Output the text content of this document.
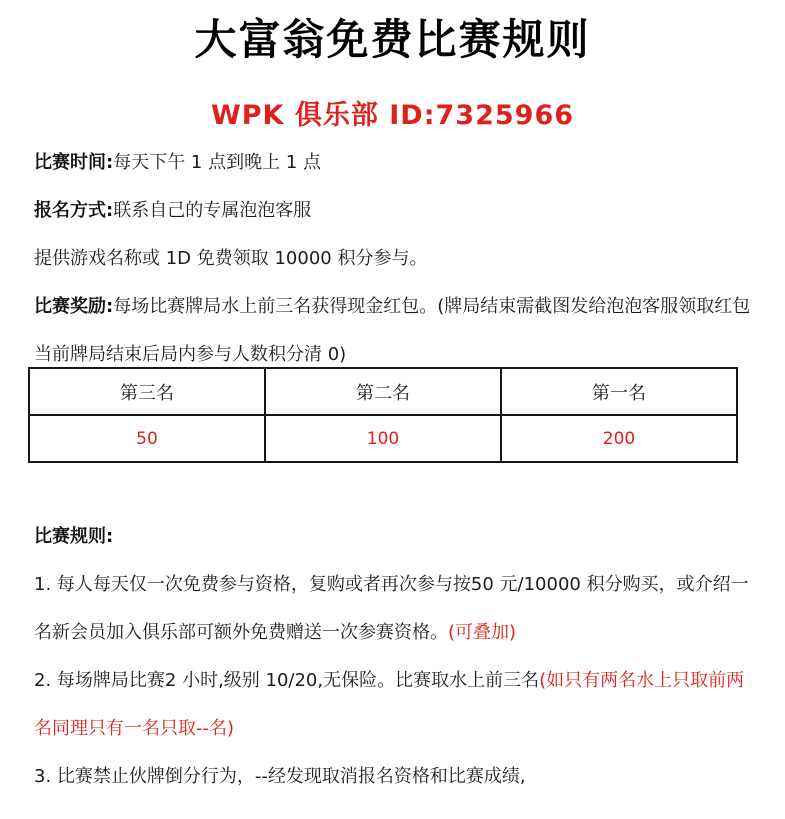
大富翁免费比赛规则
WPK 俱乐部 ID:7325966

比赛时间:每天下午 1 点到晚上 1 点

报名方式:联系自己的专属泡泡客服

提供游戏名称或 1D 免费领取 10000 积分参与。

比赛奖励:每场比赛牌局水上前三名获得现金红包。(牌局结束需截图发给泡泡客服领取红包

当前牌局结束后局内参与人数积分清 0)

第三名	第二名	第一名
50	100	200

比赛规则:

1. 每人每天仅一次免费参与资格，复购或者再次参与按50 元/10000 积分购买，或介绍一

名新会员加入俱乐部可额外免费赠送一次参赛资格。(可叠加)

2. 每场牌局比赛2 小时,级别 10/20,无保险。比赛取水上前三名(如只有两名水上只取前两

名同理只有一名只取--名)

3. 比赛禁止伙牌倒分行为，--经发现取消报名资格和比赛成绩,
